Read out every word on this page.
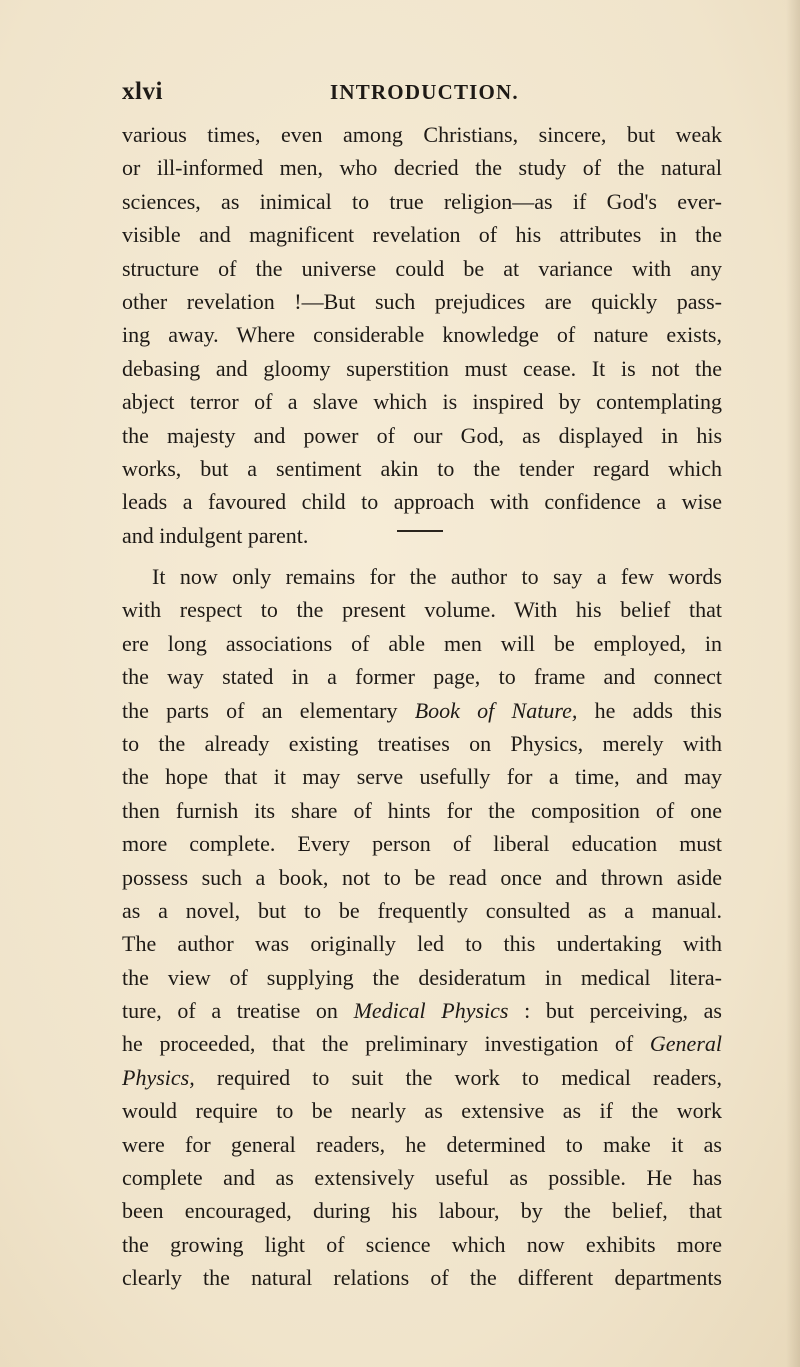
xlvi	INTRODUCTION.
various times, even among Christians, sincere, but weak
or ill-informed men, who decried the study of the natural
sciences, as inimical to true religion—as if God's ever-
visible and magnificent revelation of his attributes in the
structure of the universe could be at variance with any
other revelation !—But such prejudices are quickly pass-
ing away. Where considerable knowledge of nature exists,
debasing and gloomy superstition must cease. It is not the
abject terror of a slave which is inspired by contemplating
the majesty and power of our God, as displayed in his
works, but a sentiment akin to the tender regard which
leads a favoured child to approach with confidence a wise
and indulgent parent.
It now only remains for the author to say a few words
with respect to the present volume. With his belief that
ere long associations of able men will be employed, in
the way stated in a former page, to frame and connect
the parts of an elementary Book of Nature, he adds this
to the already existing treatises on Physics, merely with
the hope that it may serve usefully for a time, and may
then furnish its share of hints for the composition of one
more complete. Every person of liberal education must
possess such a book, not to be read once and thrown aside
as a novel, but to be frequently consulted as a manual.
The author was originally led to this undertaking with
the view of supplying the desideratum in medical litera-
ture, of a treatise on Medical Physics : but perceiving, as
he proceeded, that the preliminary investigation of General
Physics, required to suit the work to medical readers,
would require to be nearly as extensive as if the work
were for general readers, he determined to make it as
complete and as extensively useful as possible. He has
been encouraged, during his labour, by the belief, that
the growing light of science which now exhibits more
clearly the natural relations of the different departments
